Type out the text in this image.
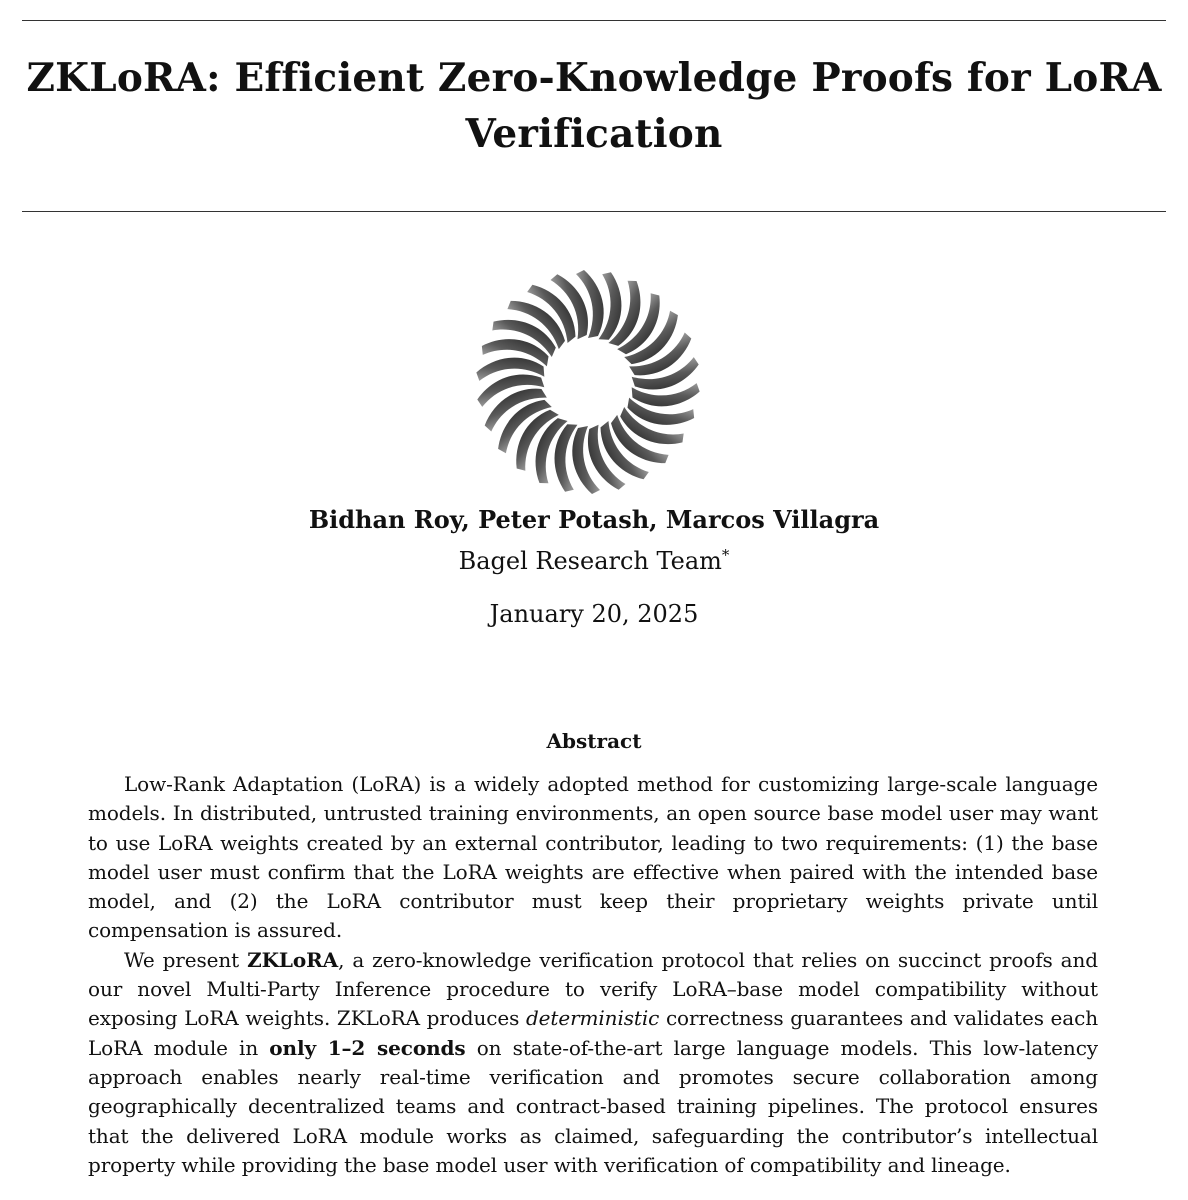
ZKLoRA: Efficient Zero-Knowledge Proofs for LoRA Verification
Bidhan Roy, Peter Potash, Marcos Villagra
Bagel Research Team*
January 20, 2025
Abstract

Low-Rank Adaptation (LoRA) is a widely adopted method for customizing large-scale language models. In distributed, untrusted training environments, an open source base model user may want to use LoRA weights created by an external contributor, leading to two requirements: (1) the base model user must confirm that the LoRA weights are effective when paired with the intended base model, and (2) the LoRA contributor must keep their proprietary weights private until compensation is assured.

We present ZKLoRA, a zero-knowledge verification protocol that relies on succinct proofs and our novel Multi-Party Inference procedure to verify LoRA–base model compatibility without exposing LoRA weights. ZKLoRA produces deterministic correctness guarantees and validates each LoRA module in only 1–2 seconds on state-of-the-art large language models. This low-latency approach enables nearly real-time verification and promotes secure collaboration among geographically decentralized teams and contract-based training pipelines. The protocol ensures that the delivered LoRA module works as claimed, safeguarding the contributor’s intellectual property while providing the base model user with verification of compatibility and lineage.
